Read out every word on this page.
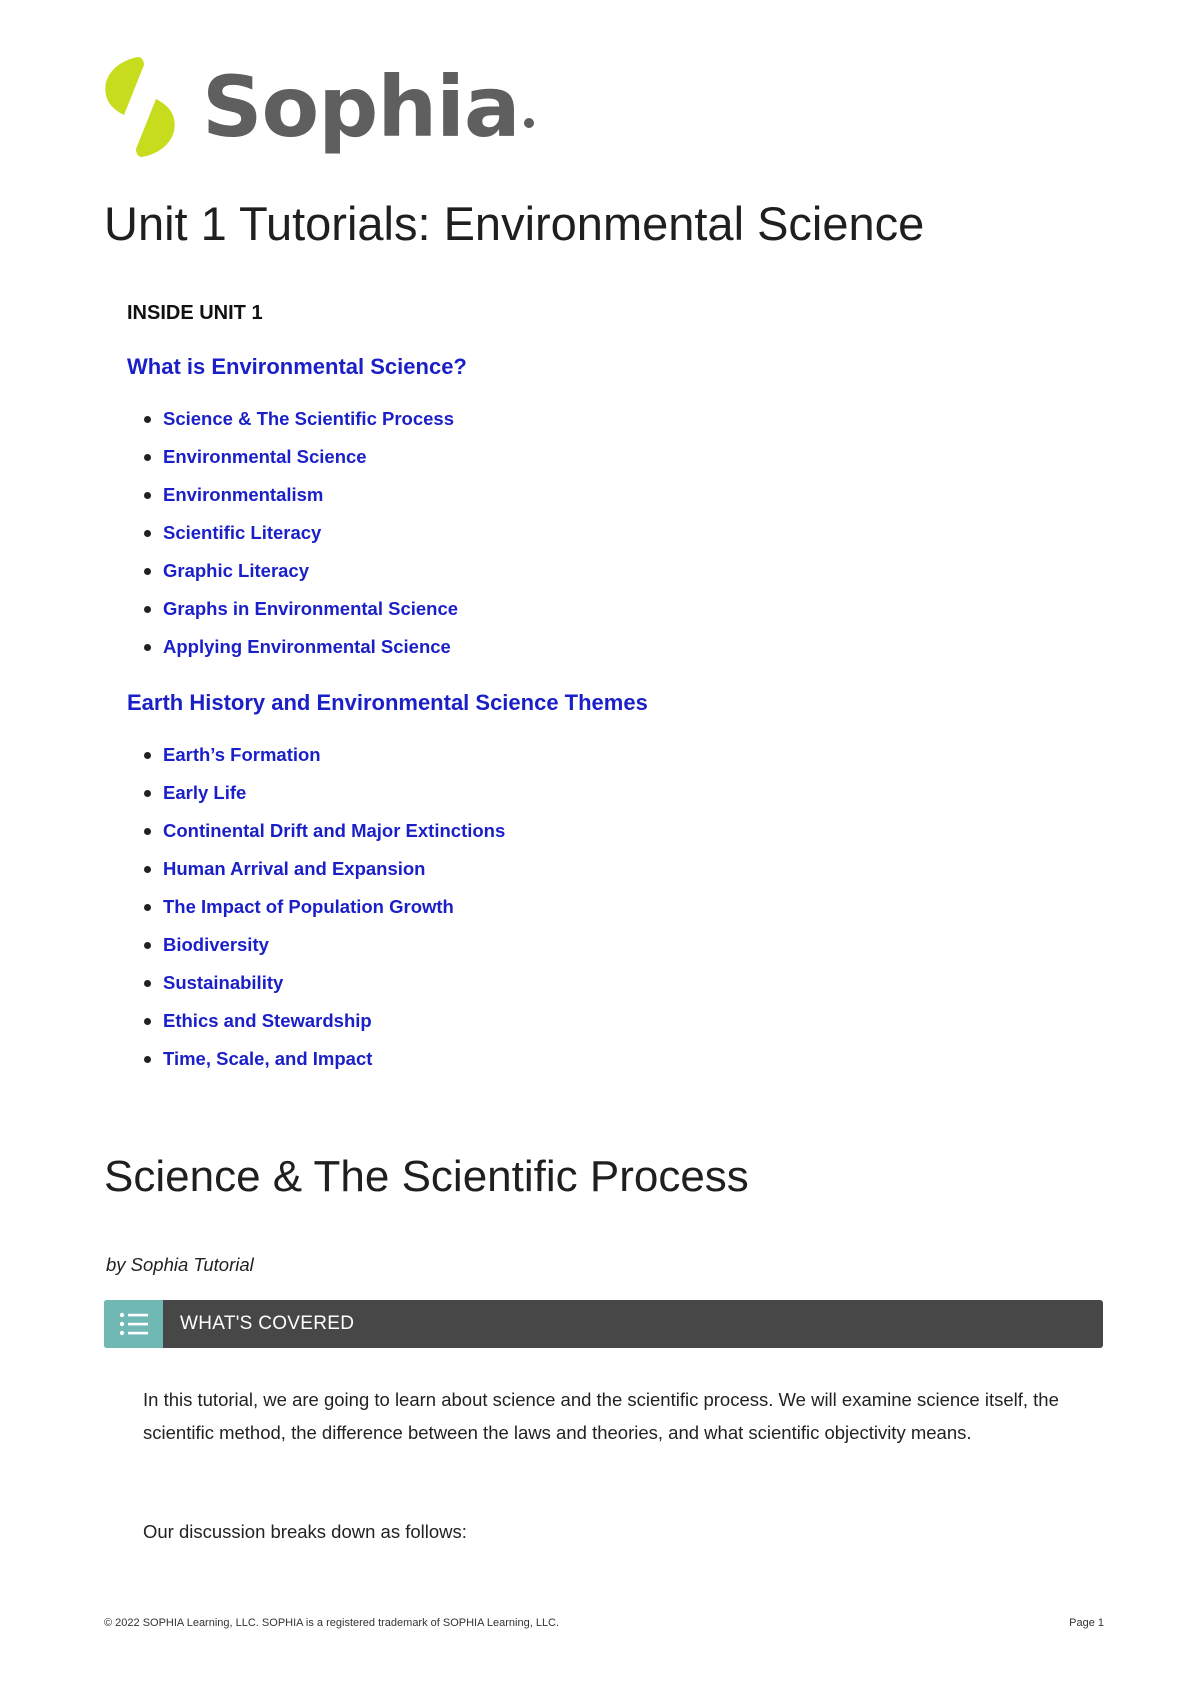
Sophia
Unit 1 Tutorials: Environmental Science
INSIDE UNIT 1
What is Environmental Science?
Science & The Scientific Process
Environmental Science
Environmentalism
Scientific Literacy
Graphic Literacy
Graphs in Environmental Science
Applying Environmental Science
Earth History and Environmental Science Themes
Earth’s Formation
Early Life
Continental Drift and Major Extinctions
Human Arrival and Expansion
The Impact of Population Growth
Biodiversity
Sustainability
Ethics and Stewardship
Time, Scale, and Impact
Science & The Scientific Process
by Sophia Tutorial
WHAT'S COVERED

In this tutorial, we are going to learn about science and the scientific process. We will examine science itself, the scientific method, the difference between the laws and theories, and what scientific objectivity means.

Our discussion breaks down as follows:

© 2022 SOPHIA Learning, LLC. SOPHIA is a registered trademark of SOPHIA Learning, LLC.	Page 1
